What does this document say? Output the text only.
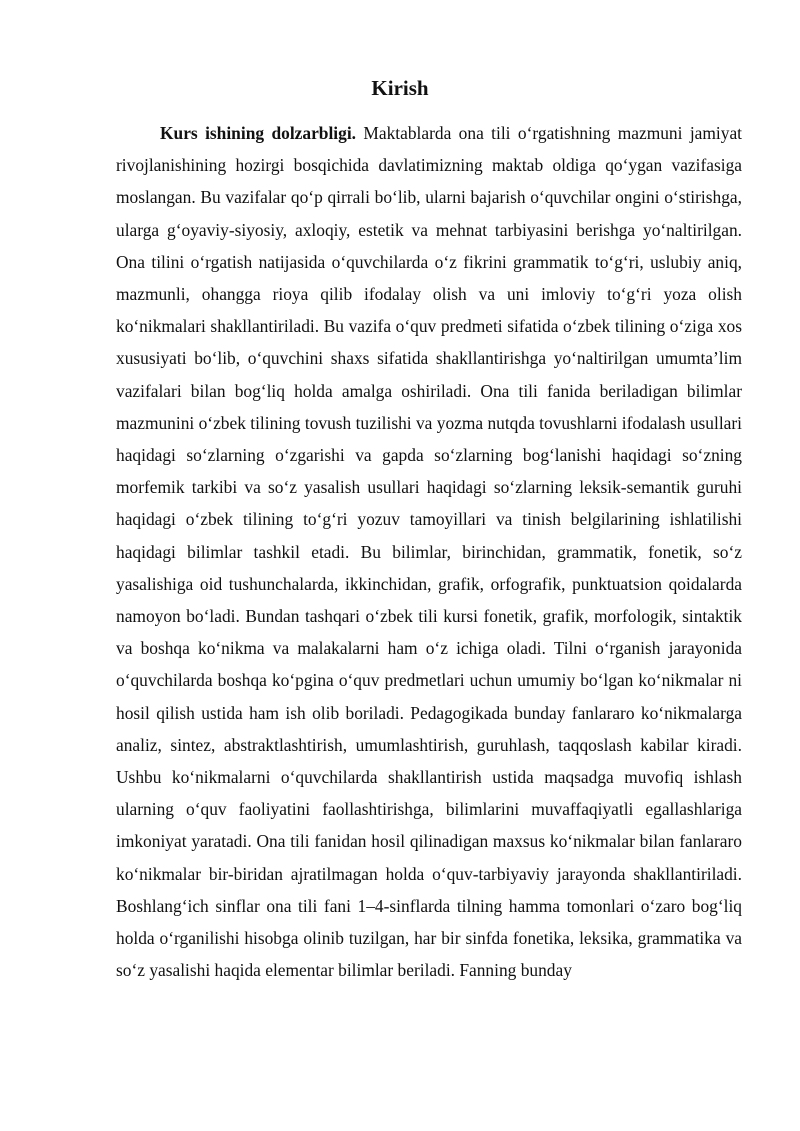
Kirish

Kurs ishining dolzarbligi. Maktablarda ona tili o‘rgatishning mazmuni jamiyat rivojlanishining hozirgi bosqichida davlatimizning maktab oldiga qo‘ygan vazifasiga moslangan. Bu vazifalar qo‘p qirrali bo‘lib, ularni bajarish o‘quvchilar ongini o‘stirishga, ularga g‘oyaviy-siyosiy, axloqiy, estetik va mehnat tarbiyasini berishga yo‘naltirilgan. Ona tilini o‘rgatish natijasida o‘quvchilarda o‘z fikrini grammatik to‘g‘ri, uslubiy aniq, mazmunli, ohangga rioya qilib ifodalay olish va uni imloviy to‘g‘ri yoza olish ko‘nikmalari shakllantiriladi. Bu vazifa o‘quv predmeti sifatida o‘zbek tilining o‘ziga xos xususiyati bo‘lib, o‘quvchini shaxs sifatida shakllantirishga yo‘naltirilgan umumta’lim vazifalari bilan bog‘liq holda amalga oshiriladi. Ona tili fanida beriladigan bilimlar mazmunini o‘zbek tilining tovush tuzilishi va yozma nutqda tovushlarni ifodalash usullari haqidagi so‘zlarning o‘zgarishi va gapda so‘zlarning bog‘lanishi haqidagi so‘zning morfemik tarkibi va so‘z yasalish usullari haqidagi so‘zlarning leksik-semantik guruhi haqidagi o‘zbek tilining to‘g‘ri yozuv tamoyillari va tinish belgilarining ishlatilishi haqidagi bilimlar tashkil etadi. Bu bilimlar, birinchidan, grammatik, fonetik, so‘z yasalishiga oid tushunchalarda, ikkinchidan, grafik, orfografik, punktuatsion qoidalarda namoyon bo‘ladi. Bundan tashqari o‘zbek tili kursi fonetik, grafik, morfologik, sintaktik va boshqa ko‘nikma va malakalarni ham o‘z ichiga oladi. Tilni o‘rganish jarayonida o‘quvchilarda boshqa ko‘pgina o‘quv predmetlari uchun umumiy bo‘lgan ko‘nikmalar ni hosil qilish ustida ham ish olib boriladi. Pedagogikada bunday fanlararo ko‘nikmalarga analiz, sintez, abstraktlashtirish, umumlashtirish, guruhlash, taqqoslash kabilar kiradi. Ushbu ko‘nikmalarni o‘quvchilarda shakllantirish ustida maqsadga muvofiq ishlash ularning o‘quv faoliyatini faollashtirishga, bilimlarini muvaffaqiyatli egallashlariga imkoniyat yaratadi. Ona tili fanidan hosil qilinadigan maxsus ko‘nikmalar bilan fanlararo ko‘nikmalar bir-biridan ajratilmagan holda o‘quv-tarbiyaviy jarayonda shakllantiriladi. Boshlang‘ich sinflar ona tili fani 1–4-sinflarda tilning hamma tomonlari o‘zaro bog‘liq holda o‘rganilishi hisobga olinib tuzilgan, har bir sinfda fonetika, leksika, grammatika va so‘z yasalishi haqida elementar bilimlar beriladi. Fanning bunday
